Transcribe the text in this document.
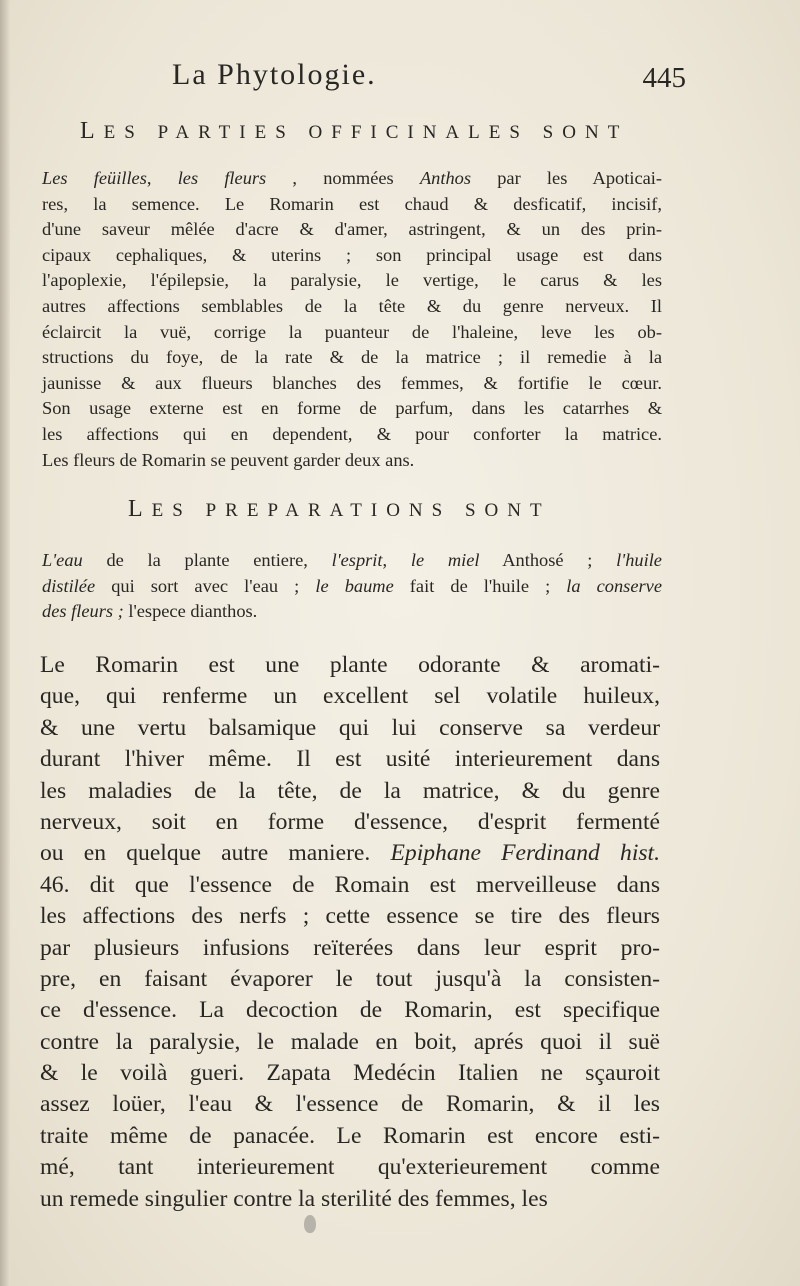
La Phytologie.	445
LES PARTIES OFFICINALES SONT
Les feüilles, les fleurs , nommées Anthos par les Apoticai-
res, la semence. Le Romarin est chaud & desficatif, incisif,
d'une saveur mêlée d'acre & d'amer, astringent, & un des prin-
cipaux cephaliques, & uterins ; son principal usage est dans
l'apoplexie, l'épilepsie, la paralysie, le vertige, le carus & les
autres affections semblables de la tête & du genre nerveux. Il
éclaircit la vuë, corrige la puanteur de l'haleine, leve les ob-
structions du foye, de la rate & de la matrice ; il remedie à la
jaunisse & aux flueurs blanches des femmes, & fortifie le cœur.
Son usage externe est en forme de parfum, dans les catarrhes &
les affections qui en dependent, & pour conforter la matrice.
Les fleurs de Romarin se peuvent garder deux ans.
LES PREPARATIONS SONT
L'eau de la plante entiere, l'esprit, le miel Anthosé ; l'huile
distilée qui sort avec l'eau ; le baume fait de l'huile ; la conserve
des fleurs ; l'espece dianthos.
Le Romarin est une plante odorante & aromati-
que, qui renferme un excellent sel volatile huileux,
& une vertu balsamique qui lui conserve sa verdeur
durant l'hiver même. Il est usité interieurement dans
les maladies de la tête, de la matrice, & du genre
nerveux, soit en forme d'essence, d'esprit fermenté
ou en quelque autre maniere. Epiphane Ferdinand hist.
46. dit que l'essence de Romain est merveilleuse dans
les affections des nerfs ; cette essence se tire des fleurs
par plusieurs infusions reïterées dans leur esprit pro-
pre, en faisant évaporer le tout jusqu'à la consisten-
ce d'essence. La decoction de Romarin, est specifique
contre la paralysie, le malade en boit, aprés quoi il suë
& le voilà gueri. Zapata Medécin Italien ne sçauroit
assez loüer, l'eau & l'essence de Romarin, & il les
traite même de panacée. Le Romarin est encore esti-
mé, tant interieurement qu'exterieurement comme
un remede singulier contre la sterilité des femmes, les
